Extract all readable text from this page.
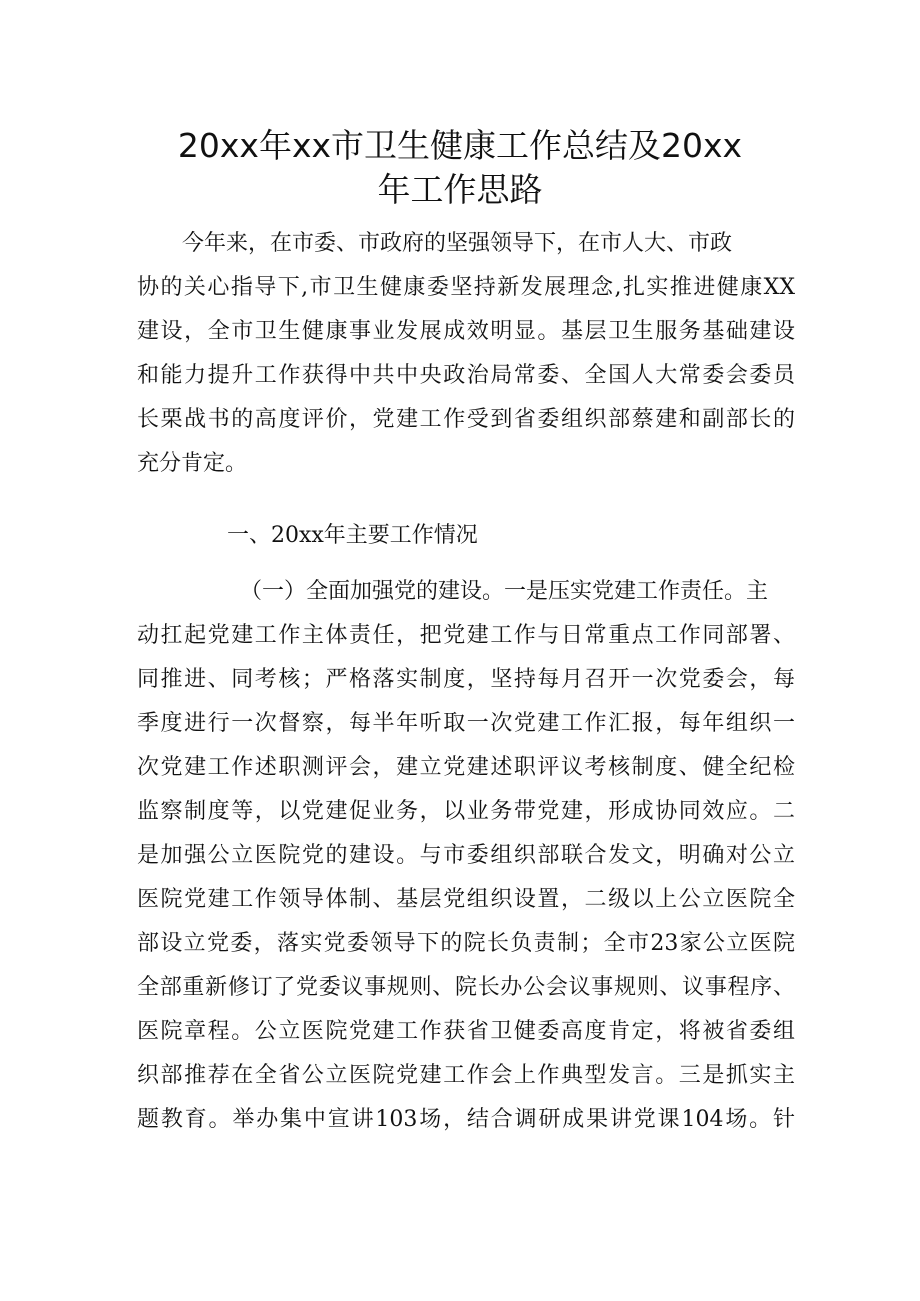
20xx年xx市卫生健康工作总结及20xx
年工作思路
今年来，在市委、市政府的坚强领导下，在市人大、市政
协的关心指导下,市卫生健康委坚持新发展理念,扎实推进健康XX
建设，全市卫生健康事业发展成效明显。基层卫生服务基础建设
和能力提升工作获得中共中央政治局常委、全国人大常委会委员
长栗战书的高度评价，党建工作受到省委组织部蔡建和副部长的
充分肯定。
一、20xx年主要工作情况
（一）全面加强党的建设。一是压实党建工作责任。主
动扛起党建工作主体责任，把党建工作与日常重点工作同部署、
同推进、同考核；严格落实制度，坚持每月召开一次党委会，每
季度进行一次督察，每半年听取一次党建工作汇报，每年组织一
次党建工作述职测评会，建立党建述职评议考核制度、健全纪检
监察制度等，以党建促业务，以业务带党建，形成协同效应。二
是加强公立医院党的建设。与市委组织部联合发文，明确对公立
医院党建工作领导体制、基层党组织设置，二级以上公立医院全
部设立党委，落实党委领导下的院长负责制；全市23家公立医院
全部重新修订了党委议事规则、院长办公会议事规则、议事程序、
医院章程。公立医院党建工作获省卫健委高度肯定，将被省委组
织部推荐在全省公立医院党建工作会上作典型发言。三是抓实主
题教育。举办集中宣讲103场，结合调研成果讲党课104场。针
